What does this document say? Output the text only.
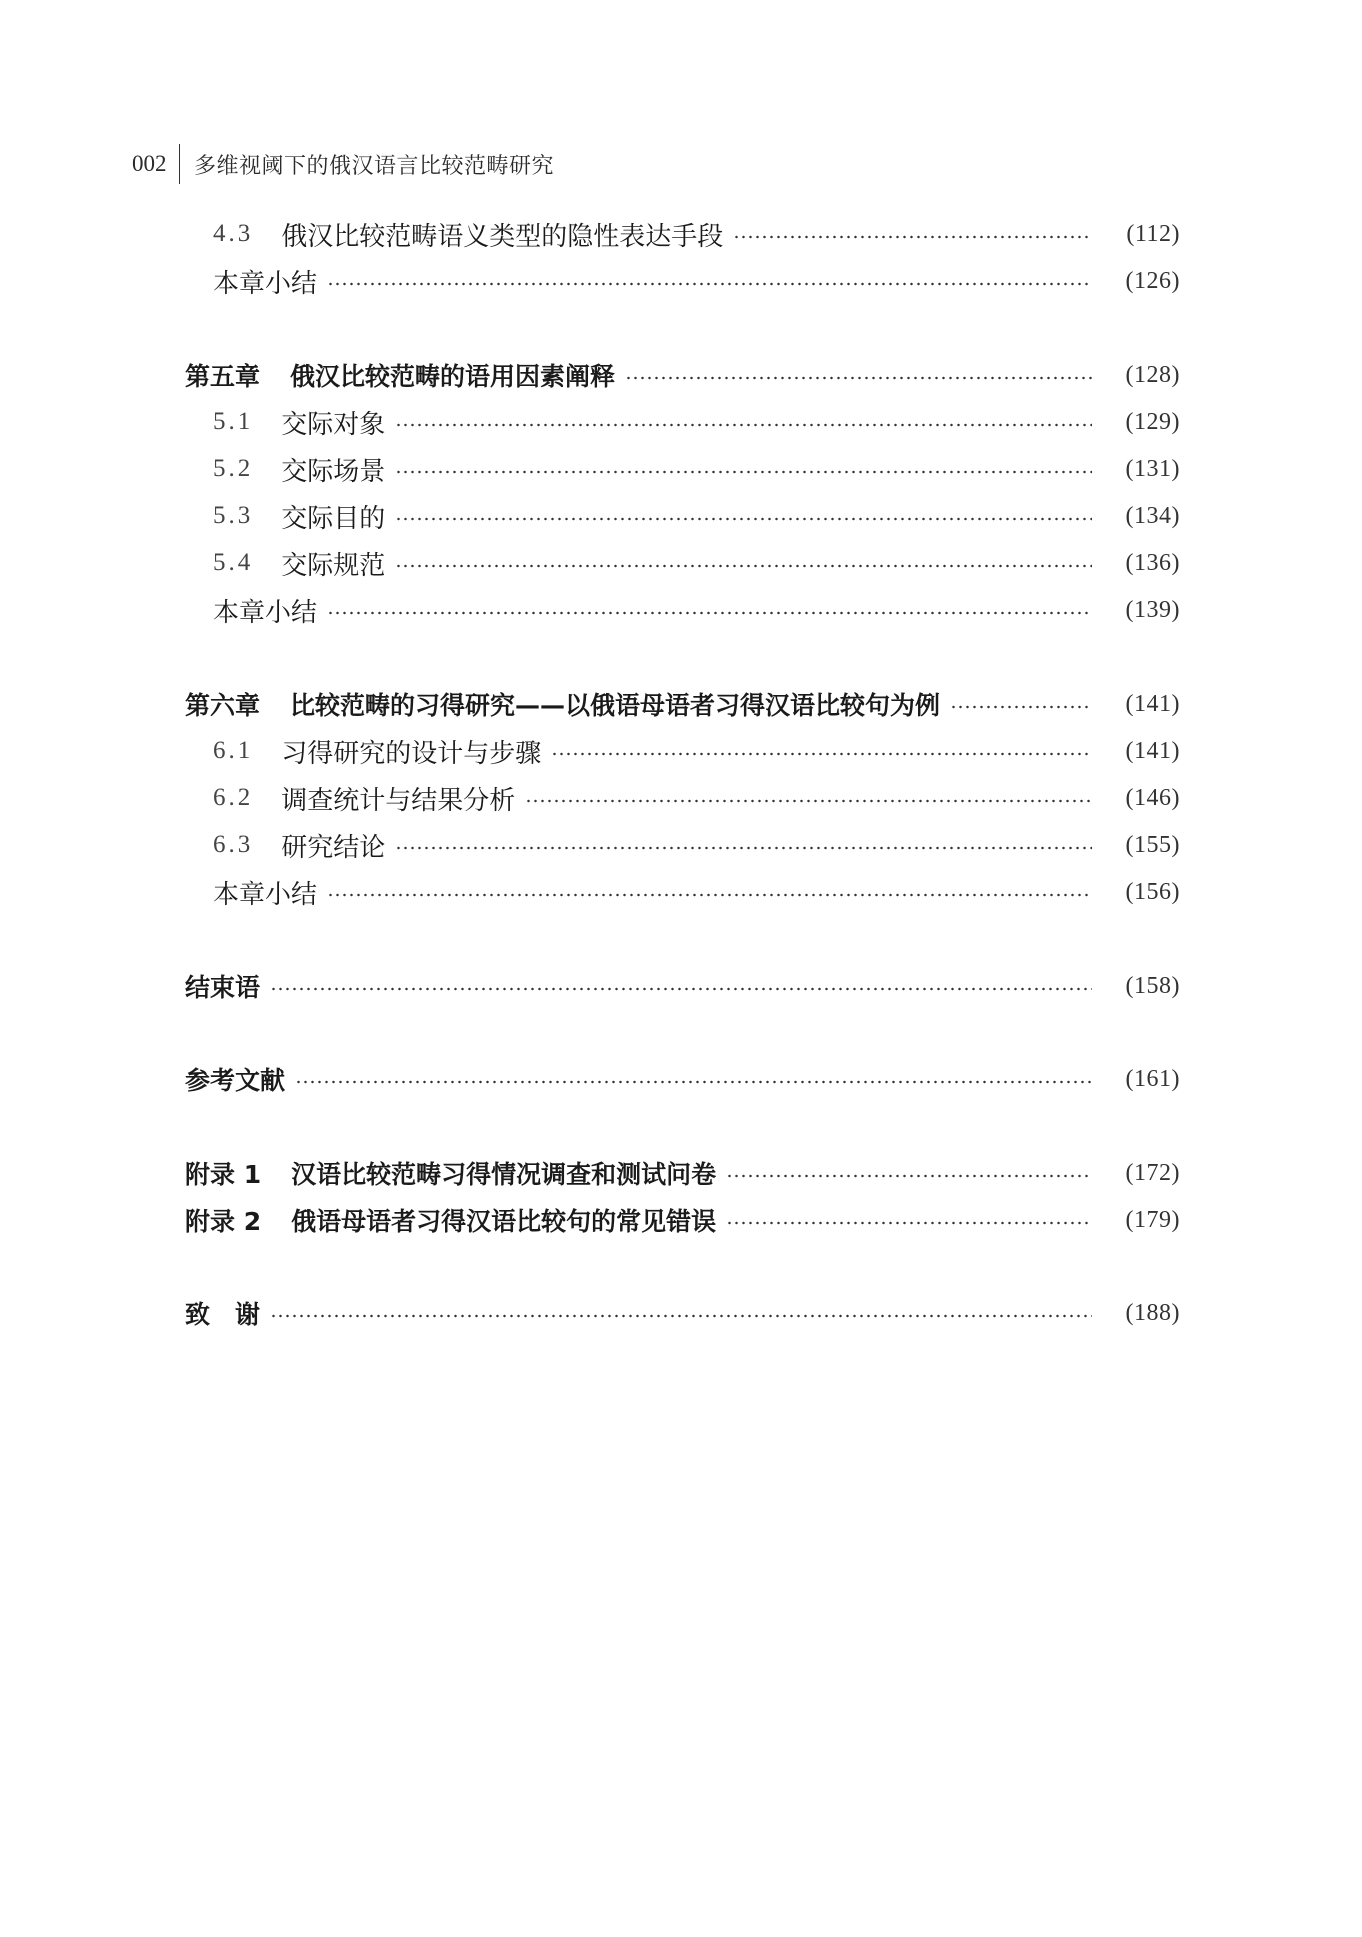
002	多维视阈下的俄汉语言比较范畴研究
4.3 俄汉比较范畴语义类型的隐性表达手段	(112)
本章小结	(126)
第五章 俄汉比较范畴的语用因素阐释	(128)
5.1 交际对象	(129)
5.2 交际场景	(131)
5.3 交际目的	(134)
5.4 交际规范	(136)
本章小结	(139)
第六章 比较范畴的习得研究——以俄语母语者习得汉语比较句为例	(141)
6.1 习得研究的设计与步骤	(141)
6.2 调查统计与结果分析	(146)
6.3 研究结论	(155)
本章小结	(156)
结束语	(158)
参考文献	(161)
附录 1 汉语比较范畴习得情况调查和测试问卷	(172)
附录 2 俄语母语者习得汉语比较句的常见错误	(179)
致　谢	(188)
